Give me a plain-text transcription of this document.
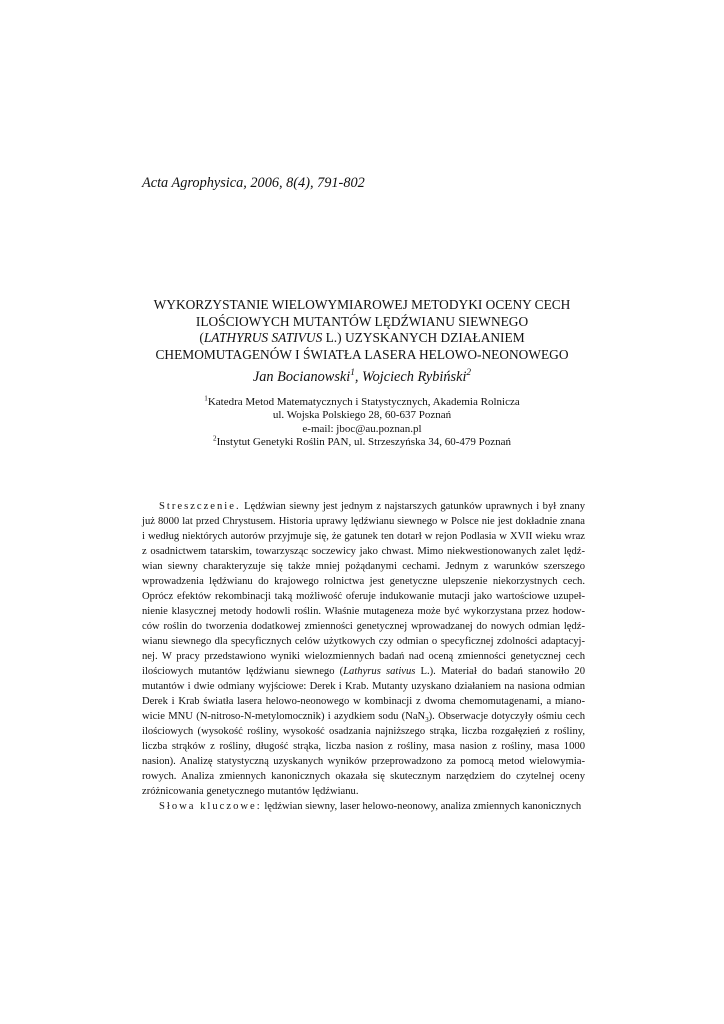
Acta Agrophysica, 2006, 8(4), 791-802
WYKORZYSTANIE WIELOWYMIAROWEJ METODYKI OCENY CECH
ILOŚCIOWYCH MUTANTÓW LĘDŹWIANU SIEWNEGO
(LATHYRUS SATIVUS L.) UZYSKANYCH DZIAŁANIEM
CHEMOMUTAGENÓW I ŚWIATŁA LASERA HELOWO-NEONOWEGO
Jan Bocianowski$^1$, Wojciech Rybiński$^2$
$^1$Katedra Metod Matematycznych i Statystycznych, Akademia Rolnicza
ul. Wojska Polskiego 28, 60-637 Poznań
e-mail: jboc@au.poznan.pl
$^2$Instytut Genetyki Roślin PAN, ul. Strzeszyńska 34, 60-479 Poznań
Streszczenie. Lędźwian siewny jest jednym z najstarszych gatunków uprawnych i był znany
już 8000 lat przed Chrystusem. Historia uprawy lędźwianu siewnego w Polsce nie jest dokładnie znana
i według niektórych autorów przyjmuje się, że gatunek ten dotarł w rejon Podlasia w XVII wieku wraz
z osadnictwem tatarskim, towarzysząc soczewicy jako chwast. Mimo niekwestionowanych zalet lędź-
wian siewny charakteryzuje się także mniej pożądanymi cechami. Jednym z warunków szerszego
wprowadzenia lędźwianu do krajowego rolnictwa jest genetyczne ulepszenie niekorzystnych cech.
Oprócz efektów rekombinacji taką możliwość oferuje indukowanie mutacji jako wartościowe uzupeł-
nienie klasycznej metody hodowli roślin. Właśnie mutageneza może być wykorzystana przez hodow-
ców roślin do tworzenia dodatkowej zmienności genetycznej wprowadzanej do nowych odmian lędź-
wianu siewnego dla specyficznych celów użytkowych czy odmian o specyficznej zdolności adaptacyj-
nej. W pracy przedstawiono wyniki wielozmiennych badań nad oceną zmienności genetycznej cech
ilościowych mutantów lędźwianu siewnego (Lathyrus sativus L.). Materiał do badań stanowiło 20
mutantów i dwie odmiany wyjściowe: Derek i Krab. Mutanty uzyskano działaniem na nasiona odmian
Derek i Krab światła lasera helowo-neonowego w kombinacji z dwoma chemomutagenami, a miano-
wicie MNU (N-nitroso-N-metylomocznik) i azydkiem sodu (NaN$_3$). Obserwacje dotyczyły ośmiu cech
ilościowych (wysokość rośliny, wysokość osadzania najniższego strąka, liczba rozgałęzień z rośliny,
liczba strąków z rośliny, długość strąka, liczba nasion z rośliny, masa nasion z rośliny, masa 1000
nasion). Analizę statystyczną uzyskanych wyników przeprowadzono za pomocą metod wielowymia-
rowych. Analiza zmiennych kanonicznych okazała się skutecznym narzędziem do czytelnej oceny
zróżnicowania genetycznego mutantów lędźwianu.
Słowa kluczowe: lędźwian siewny, laser helowo-neonowy, analiza zmiennych kanonicznych
